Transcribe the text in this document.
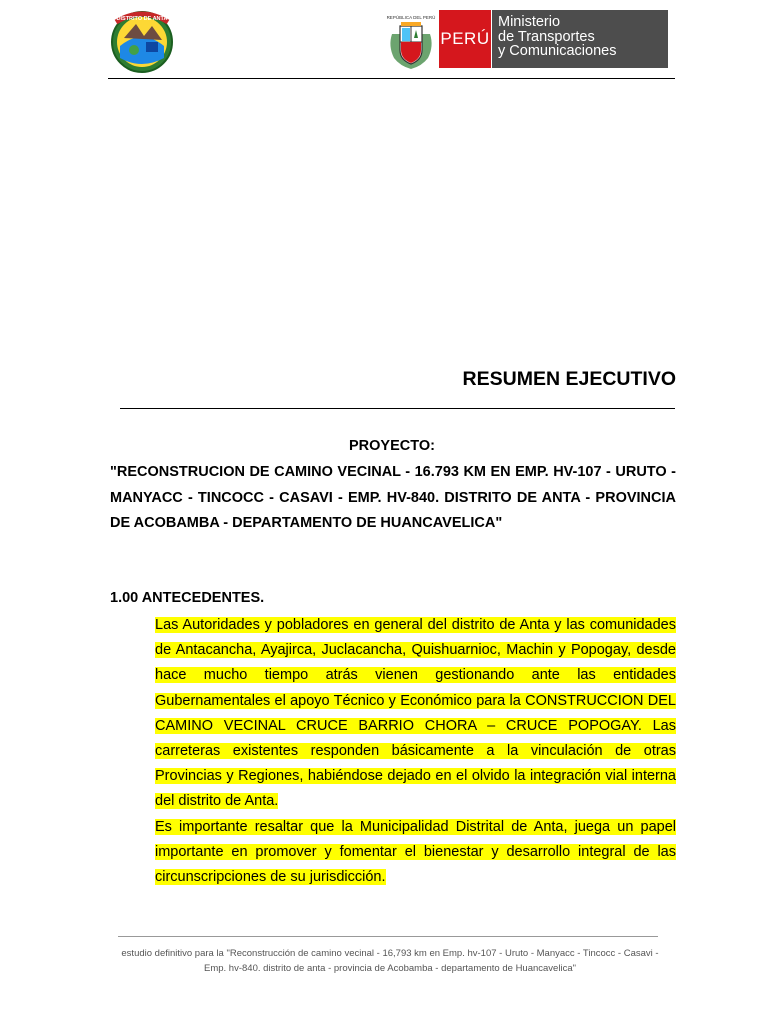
DISTRITO DE ANTA	REPÚBLICA DEL PERÚ
PERÚ
Ministerio
de Transportes
y Comunicaciones
RESUMEN EJECUTIVO
PROYECTO:
"RECONSTRUCION DE CAMINO VECINAL - 16.793 KM EN EMP. HV-107 - URUTO - MANYACC - TINCOCC - CASAVI - EMP. HV-840. DISTRITO DE ANTA - PROVINCIA DE ACOBAMBA - DEPARTAMENTO DE HUANCAVELICA"
1.00 ANTECEDENTES.

Las Autoridades y pobladores en general del distrito de Anta y las comunidades de Antacancha, Ayajirca, Juclacancha, Quishuarnioc, Machin y Popogay, desde hace mucho tiempo atrás vienen gestionando ante las entidades Gubernamentales el apoyo Técnico y Económico para la CONSTRUCCION DEL CAMINO VECINAL CRUCE BARRIO CHORA – CRUCE POPOGAY. Las carreteras existentes responden básicamente a la vinculación de otras Provincias y Regiones, habiéndose dejado en el olvido la integración vial interna del distrito de Anta.

Es importante resaltar que la Municipalidad Distrital de Anta, juega un papel importante en promover y fomentar el bienestar y desarrollo integral de las circunscripciones de su jurisdicción.

estudio definitivo para la "Reconstrucción de camino vecinal - 16,793 km en Emp. hv-107 - Uruto - Manyacc - Tincocc - Casavi - Emp. hv-840. distrito de anta - provincia de Acobamba - departamento de Huancavelica"
